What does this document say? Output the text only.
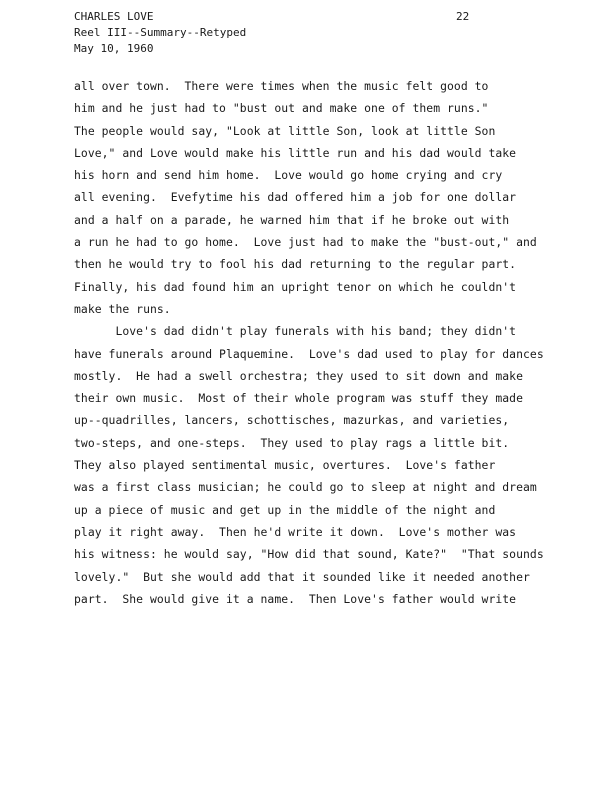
CHARLES LOVE
Reel III--Summary--Retyped
May 10, 1960
22
all over town.  There were times when the music felt good to
him and he just had to "bust out and make one of them runs."
The people would say, "Look at little Son, look at little Son
Love," and Love would make his little run and his dad would take
his horn and send him home.  Love would go home crying and cry
all evening.  Evefytime his dad offered him a job for one dollar
and a half on a parade, he warned him that if he broke out with
a run he had to go home.  Love just had to make the "bust-out," and
then he would try to fool his dad returning to the regular part.
Finally, his dad found him an upright tenor on which he couldn't
make the runs.
Love's dad didn't play funerals with his band; they didn't
have funerals around Plaquemine.  Love's dad used to play for dances
mostly.  He had a swell orchestra; they used to sit down and make
their own music.  Most of their whole program was stuff they made
up--quadrilles, lancers, schottisches, mazurkas, and varieties,
two-steps, and one-steps.  They used to play rags a little bit.
They also played sentimental music, overtures.  Love's father
was a first class musician; he could go to sleep at night and dream
up a piece of music and get up in the middle of the night and
play it right away.  Then he'd write it down.  Love's mother was
his witness: he would say, "How did that sound, Kate?"  "That sounds
lovely."  But she would add that it sounded like it needed another
part.  She would give it a name.  Then Love's father would write
